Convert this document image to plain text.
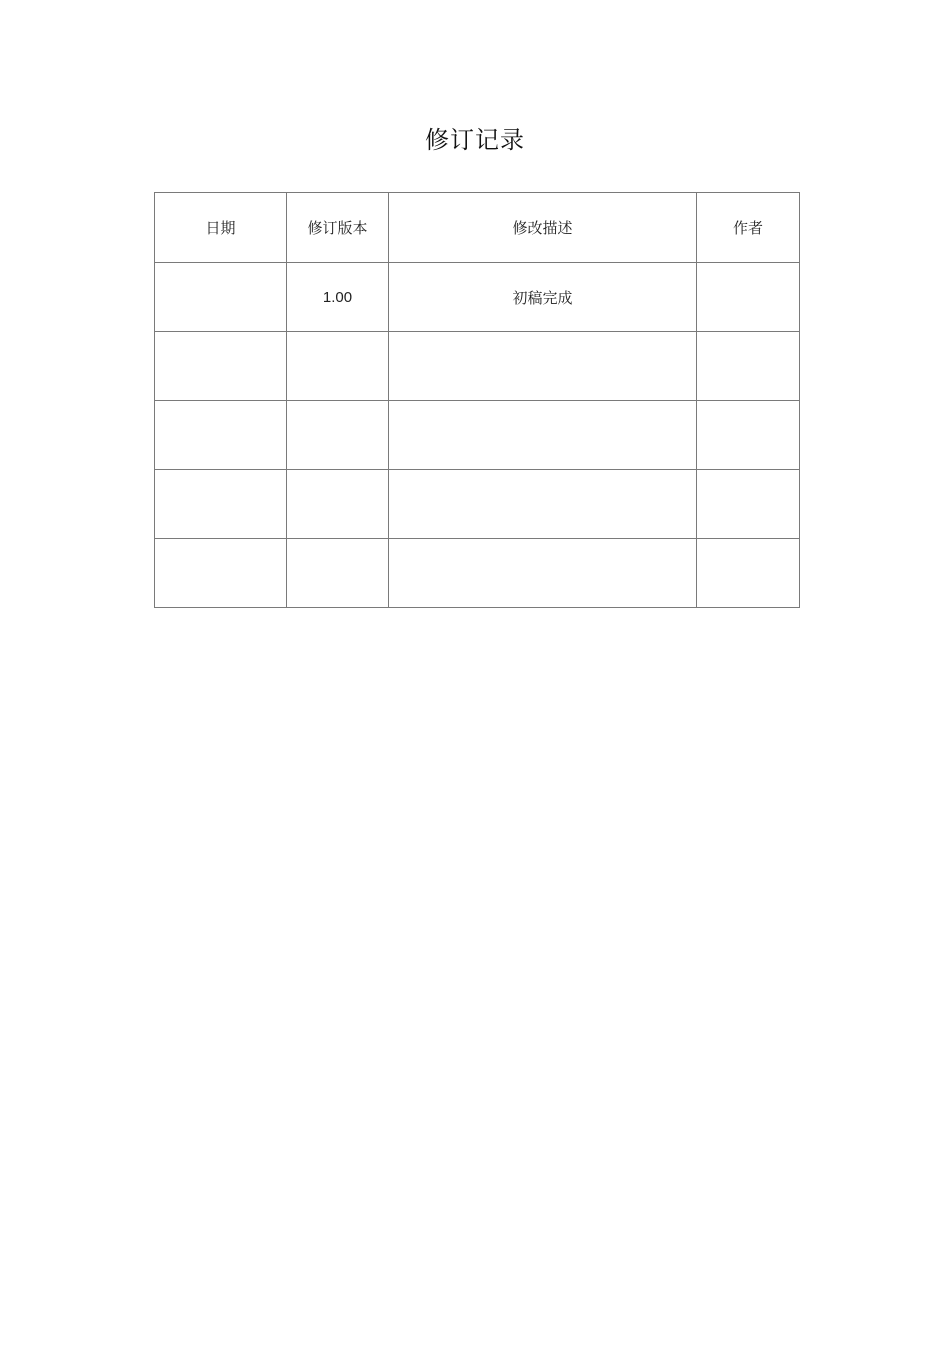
修订记录
日期	修订版本	修改描述	作者
	1.00	初稿完成	
